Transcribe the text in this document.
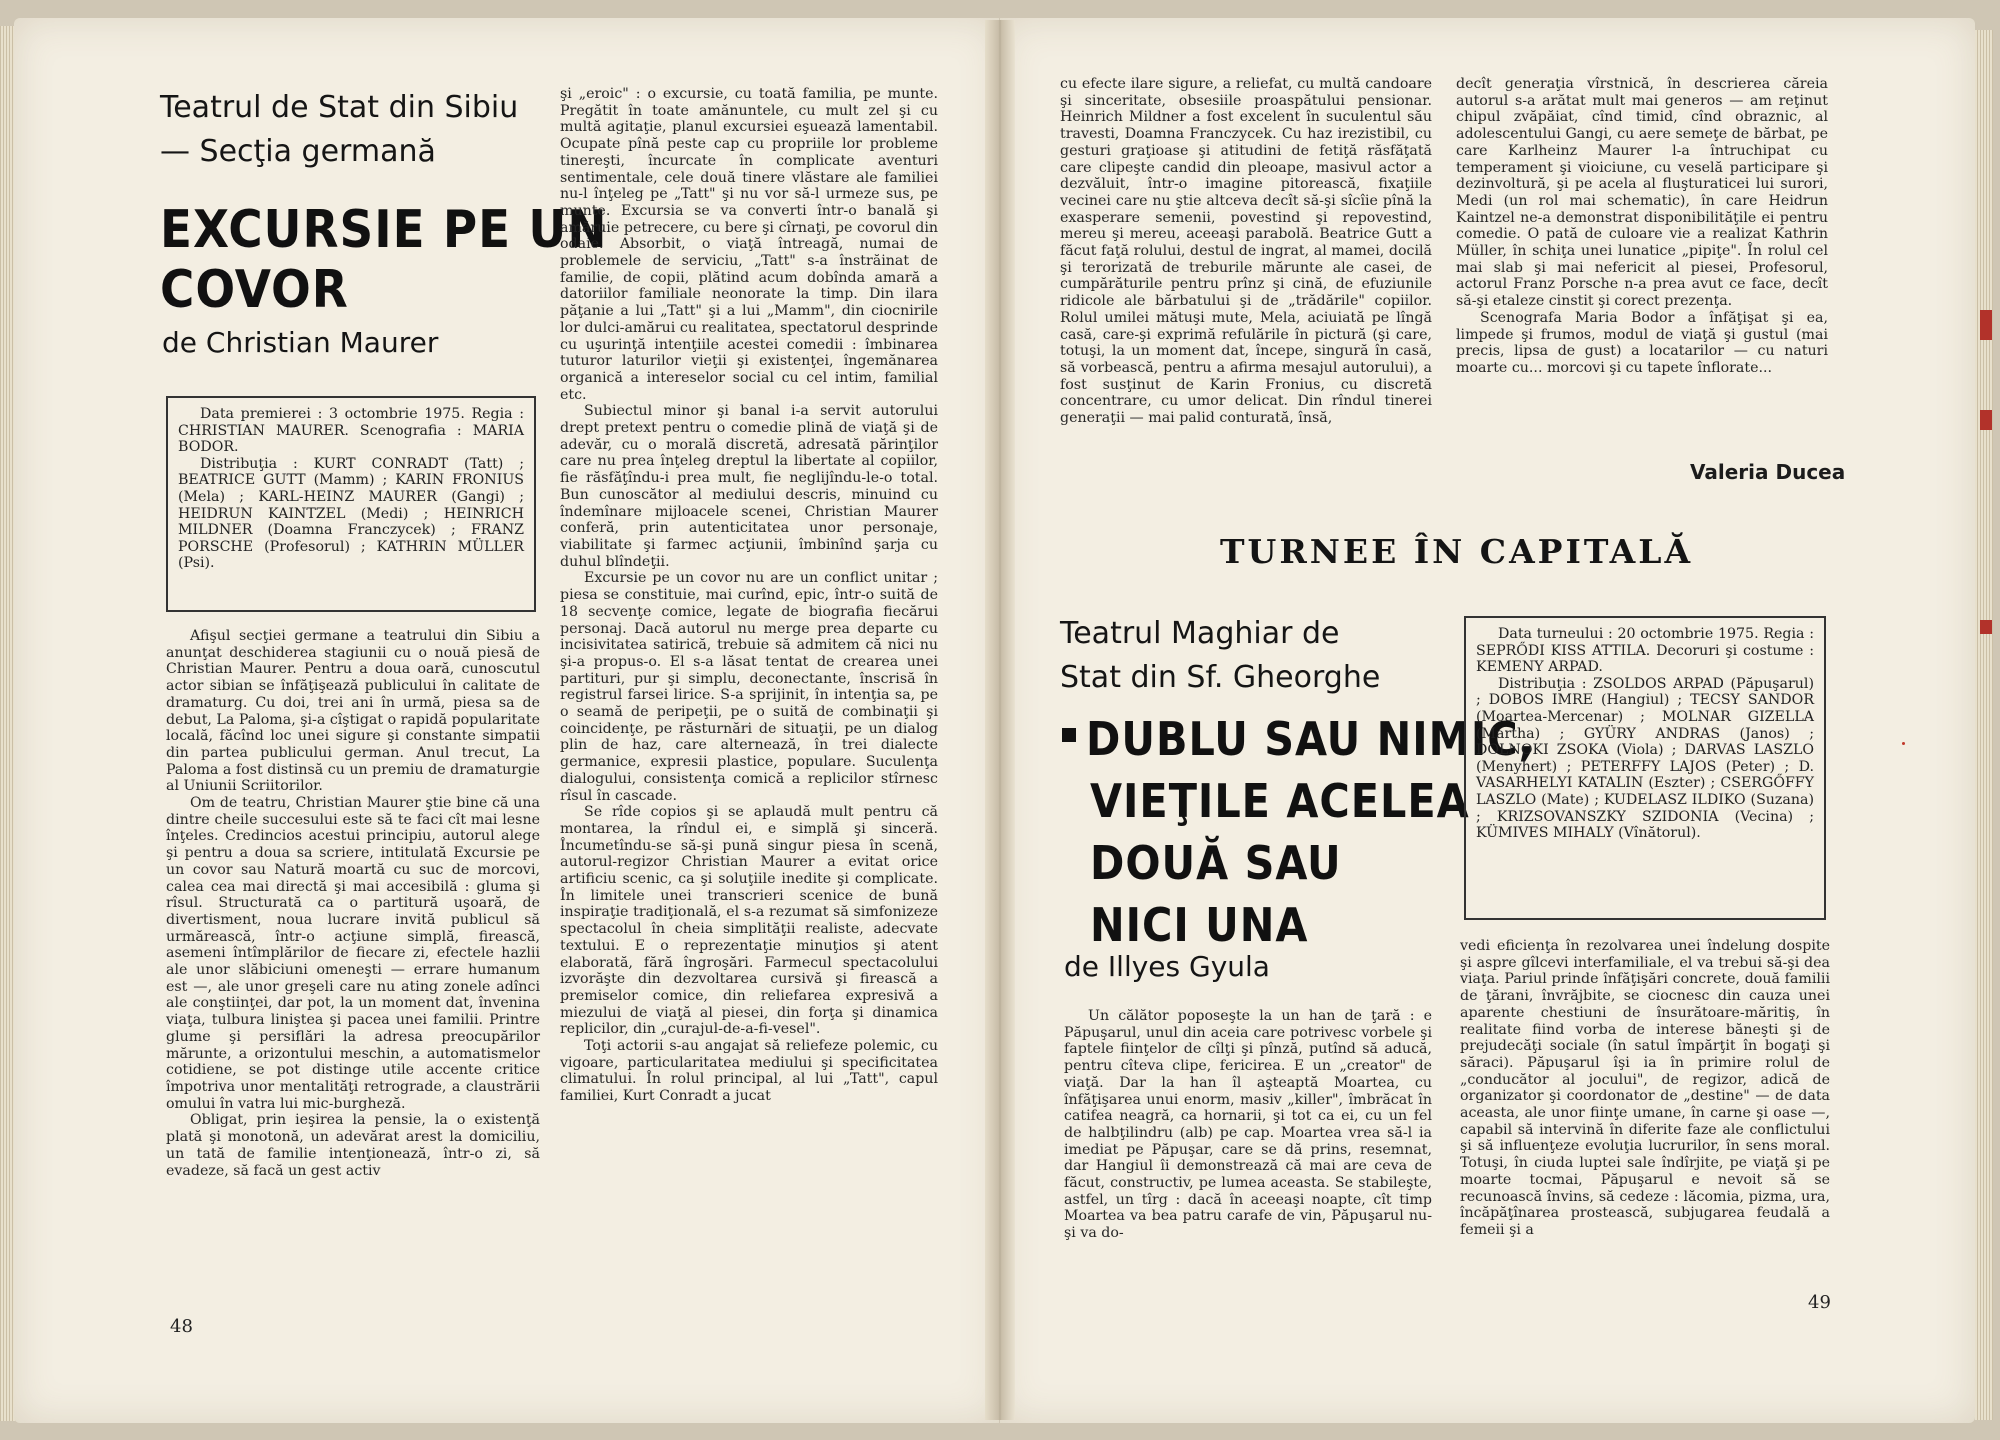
Teatrul de Stat din Sibiu
— Secţia germană
EXCURSIE PE UN
COVOR
de Christian Maurer

Data premierei : 3 octombrie 1975. Regia : CHRISTIAN MAURER. Scenografia : MARIA BODOR.

Distribuţia : KURT CONRADT (Tatt) ; BEATRICE GUTT (Mamm) ; KARIN FRONIUS (Mela) ; KARL-HEINZ MAURER (Gangi) ; HEIDRUN KAINTZEL (Medi) ; HEINRICH MILDNER (Doamna Franczycek) ; FRANZ PORSCHE (Profesorul) ; KATHRIN MÜLLER (Psi).

Afişul secţiei germane a teatrului din Sibiu a anunţat deschiderea stagiunii cu o nouă piesă de Christian Maurer. Pentru a doua oară, cunoscutul actor sibian se înfăţişează publicului în calitate de dramaturg. Cu doi, trei ani în urmă, piesa sa de debut, La Paloma, şi-a cîştigat o rapidă popularitate locală, făcînd loc unei sigure şi constante simpatii din partea publicului german. Anul trecut, La Paloma a fost distinsă cu un premiu de dramaturgie al Uniunii Scriitorilor.

Om de teatru, Christian Maurer ştie bine că una dintre cheile succesului este să te faci cît mai lesne înţeles. Credincios acestui principiu, autorul alege şi pentru a doua sa scriere, intitulată Excursie pe un covor sau Natură moartă cu suc de morcovi, calea cea mai directă şi mai accesibilă : gluma şi rîsul. Structurată ca o partitură uşoară, de divertisment, noua lucrare invită publicul să urmărească, într-o acţiune simplă, firească, asemeni întîmplărilor de fiecare zi, efectele hazlii ale unor slăbiciuni omeneşti — errare humanum est —, ale unor greşeli care nu ating zonele adînci ale conştiinţei, dar pot, la un moment dat, învenina viaţa, tulbura liniştea şi pacea unei familii. Printre glume şi persiflări la adresa preocupărilor mărunte, a orizontului meschin, a automatismelor cotidiene, se pot distinge utile accente critice împotriva unor mentalităţi retrograde, a claustrării omului în vatra lui mic-burgheză.

Obligat, prin ieşirea la pensie, la o existenţă plată şi monotonă, un adevărat arest la domiciliu, un tată de familie intenţionează, într-o zi, să evadeze, să facă un gest activ

şi „eroic" : o excursie, cu toată familia, pe munte. Pregătit în toate amănuntele, cu mult zel şi cu multă agitaţie, planul excursiei eşuează lamentabil. Ocupate pînă peste cap cu propriile lor probleme tinereşti, încurcate în complicate aventuri sentimentale, cele două tinere vlăstare ale familiei nu-l înţeleg pe „Tatt" şi nu vor să-l urmeze sus, pe munte. Excursia se va converti într-o banală şi amăruie petrecere, cu bere şi cîrnaţi, pe covorul din odaie. Absorbit, o viaţă întreagă, numai de problemele de serviciu, „Tatt" s-a înstrăinat de familie, de copii, plătind acum dobînda amară a datoriilor familiale neonorate la timp. Din ilara păţanie a lui „Tatt" şi a lui „Mamm", din ciocnirile lor dulci-amărui cu realitatea, spectatorul desprinde cu uşurinţă intenţiile acestei comedii : îmbinarea tuturor laturilor vieţii şi existenţei, îngemănarea organică a intereselor social cu cel intim, familial etc.

Subiectul minor şi banal i-a servit autorului drept pretext pentru o comedie plină de viaţă şi de adevăr, cu o morală discretă, adresată părinţilor care nu prea înţeleg dreptul la libertate al copiilor, fie răsfăţîndu-i prea mult, fie neglijîndu-le-o total. Bun cunoscător al mediului descris, minuind cu îndemînare mijloacele scenei, Christian Maurer conferă, prin autenticitatea unor personaje, viabilitate şi farmec acţiunii, îmbinînd şarja cu duhul blîndeţii.

Excursie pe un covor nu are un conflict unitar ; piesa se constituie, mai curînd, epic, într-o suită de 18 secvenţe comice, legate de biografia fiecărui personaj. Dacă autorul nu merge prea departe cu incisivitatea satirică, trebuie să admitem că nici nu şi-a propus-o. El s-a lăsat tentat de crearea unei partituri, pur şi simplu, deconectante, înscrisă în registrul farsei lirice. S-a sprijinit, în intenţia sa, pe o seamă de peripeţii, pe o suită de combinaţii şi coincidenţe, pe răsturnări de situaţii, pe un dialog plin de haz, care alternează, în trei dialecte germanice, expresii plastice, populare. Suculenţa dialogului, consistenţa comică a replicilor stîrnesc rîsul în cascade.

Se rîde copios şi se aplaudă mult pentru că montarea, la rîndul ei, e simplă şi sinceră. Încumetîndu-se să-şi pună singur piesa în scenă, autorul-regizor Christian Maurer a evitat orice artificiu scenic, ca şi soluţiile inedite şi complicate. În limitele unei transcrieri scenice de bună inspiraţie tradiţională, el s-a rezumat să simfonizeze spectacolul în cheia simplităţii realiste, adecvate textului. E o reprezentaţie minuţios şi atent elaborată, fără îngroşări. Farmecul spectacolului izvorăşte din dezvoltarea cursivă şi firească a premiselor comice, din reliefarea expresivă a miezului de viaţă al piesei, din forţa şi dinamica replicilor, din „curajul-de-a-fi-vesel".

Toţi actorii s-au angajat să reliefeze polemic, cu vigoare, particularitatea mediului şi specificitatea climatului. În rolul principal, al lui „Tatt", capul familiei, Kurt Conradt a jucat

48

cu efecte ilare sigure, a reliefat, cu multă candoare şi sinceritate, obsesiile proaspătului pensionar. Heinrich Mildner a fost excelent în suculentul său travesti, Doamna Franczycek. Cu haz irezistibil, cu gesturi graţioase şi atitudini de fetiţă răsfăţată care clipeşte candid din pleoape, masivul actor a dezvăluit, într-o imagine pitorească, fixaţiile vecinei care nu ştie altceva decît să-şi sîcîie pînă la exasperare semenii, povestind şi repovestind, mereu şi mereu, aceeaşi parabolă. Beatrice Gutt a făcut faţă rolului, destul de ingrat, al mamei, docilă şi terorizată de treburile mărunte ale casei, de cumpărăturile pentru prînz şi cină, de efuziunile ridicole ale bărbatului şi de „trădările" copiilor. Rolul umilei mătuşi mute, Mela, aciuiată pe lîngă casă, care-şi exprimă refulările în pictură (şi care, totuşi, la un moment dat, începe, singură în casă, să vorbească, pentru a afirma mesajul autorului), a fost susţinut de Karin Fronius, cu discretă concentrare, cu umor delicat. Din rîndul tinerei generaţii — mai palid conturată, însă,

decît generaţia vîrstnică, în descrierea căreia autorul s-a arătat mult mai generos — am reţinut chipul zvăpăiat, cînd timid, cînd obraznic, al adolescentului Gangi, cu aere semeţe de bărbat, pe care Karlheinz Maurer l-a întruchipat cu temperament şi vioiciune, cu veselă participare şi dezinvoltură, şi pe acela al fluşturaticei lui surori, Medi (un rol mai schematic), în care Heidrun Kaintzel ne-a demonstrat disponibilităţile ei pentru comedie. O pată de culoare vie a realizat Kathrin Müller, în schiţa unei lunatice „pipiţe". În rolul cel mai slab şi mai nefericit al piesei, Profesorul, actorul Franz Porsche n-a prea avut ce face, decît să-şi etaleze cinstit şi corect prezenţa.

Scenografa Maria Bodor a înfăţişat şi ea, limpede şi frumos, modul de viaţă şi gustul (mai precis, lipsa de gust) a locatarilor — cu naturi moarte cu... morcovi şi cu tapete înflorate...

Valeria Ducea
TURNEE ÎN CAPITALĂ
Teatrul Maghiar de
Stat din Sf. Gheorghe
DUBLU SAU NIMIC,
VIEŢILE ACELEA
DOUĂ SAU
NICI UNA
de Illyes Gyula

Data turneului : 20 octombrie 1975. Regia : SEPRŐDI KISS ATTILA. Decoruri şi costume : KEMENY ARPAD.

Distribuţia : ZSOLDOS ARPAD (Păpuşarul) ; DOBOS IMRE (Hangiul) ; TECSY SANDOR (Moartea-Mercenar) ; MOLNAR GIZELLA (Martha) ; GYÜRY ANDRAS (Janos) ; DOLNOKI ZSOKA (Viola) ; DARVAS LASZLO (Menyhert) ; PETERFFY LAJOS (Peter) ; D. VASARHELYI KATALIN (Eszter) ; CSERGŐFFY LASZLO (Mate) ; KUDELASZ ILDIKO (Suzana) ; KRIZSOVANSZKY SZIDONIA (Vecina) ; KÜMIVES MIHALY (Vînătorul).

Un călător poposeşte la un han de ţară : e Păpuşarul, unul din aceia care potrivesc vorbele şi faptele fiinţelor de cîlţi şi pînză, putînd să aducă, pentru cîteva clipe, fericirea. E un „creator" de viaţă. Dar la han îl aşteaptă Moartea, cu înfăţişarea unui enorm, masiv „killer", îmbrăcat în catifea neagră, ca hornarii, şi tot ca ei, cu un fel de halbţilindru (alb) pe cap. Moartea vrea să-l ia imediat pe Păpuşar, care se dă prins, resemnat, dar Hangiul îi demonstrează că mai are ceva de făcut, constructiv, pe lumea aceasta. Se stabileşte, astfel, un tîrg : dacă în aceeaşi noapte, cît timp Moartea va bea patru carafe de vin, Păpuşarul nu-şi va do-

vedi eficienţa în rezolvarea unei îndelung dospite şi aspre gîlcevi interfamiliale, el va trebui să-şi dea viaţa. Pariul prinde înfăţişări concrete, două familii de ţărani, învrăjbite, se ciocnesc din cauza unei aparente chestiuni de însurătoare-măritiş, în realitate fiind vorba de interese băneşti şi de prejudecăţi sociale (în satul împărţit în bogaţi şi săraci). Păpuşarul îşi ia în primire rolul de „conducător al jocului", de regizor, adică de organizator şi coordonator de „destine" — de data aceasta, ale unor fiinţe umane, în carne şi oase —, capabil să intervină în diferite faze ale conflictului şi să influenţeze evoluţia lucrurilor, în sens moral. Totuşi, în ciuda luptei sale îndîrjite, pe viaţă şi pe moarte tocmai, Păpuşarul e nevoit să se recunoască învins, să cedeze : lăcomia, pizma, ura, încăpăţînarea prostească, subjugarea feudală a femeii şi a

49
